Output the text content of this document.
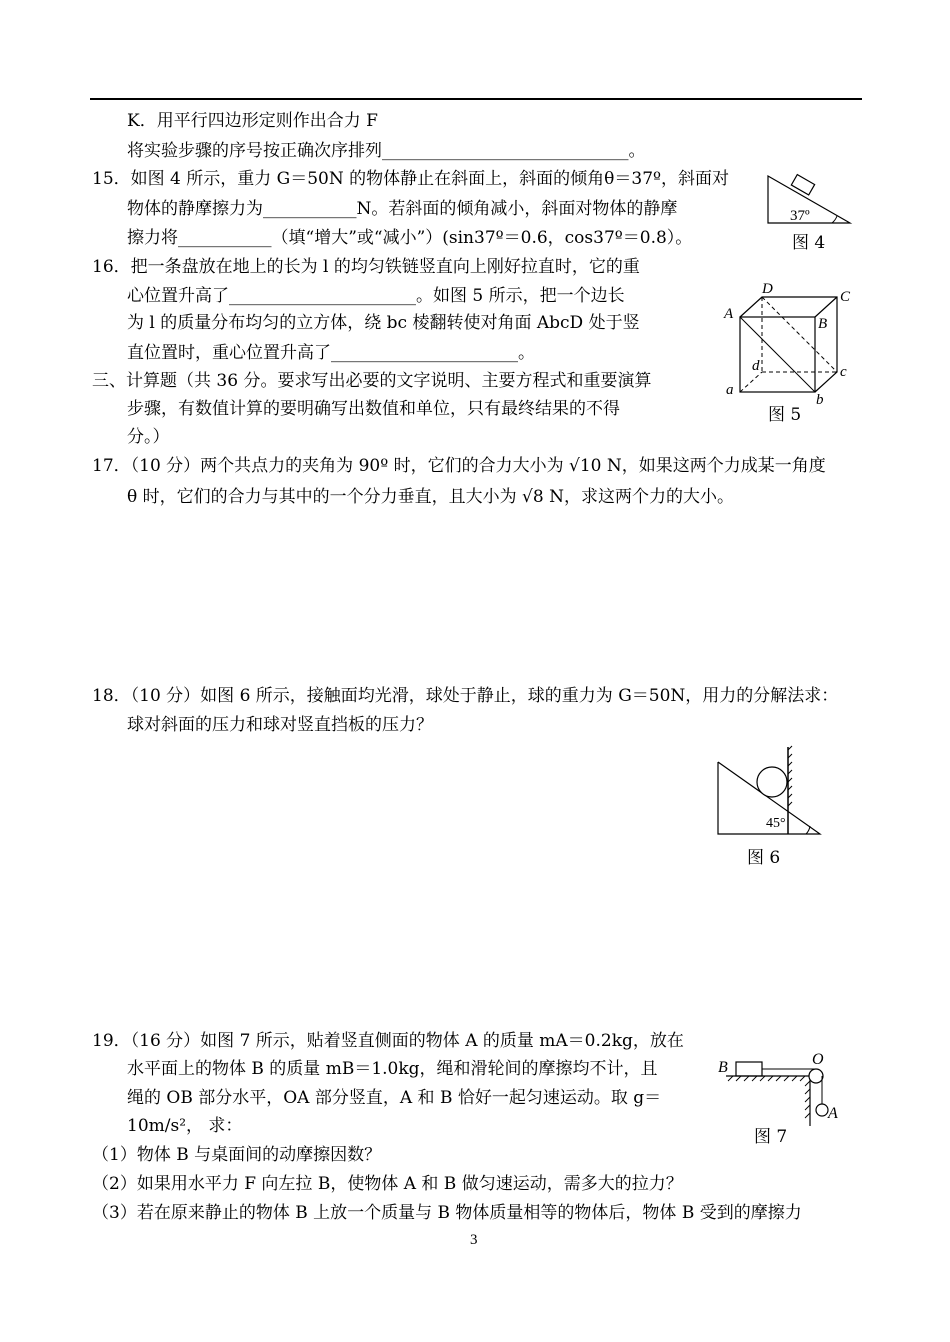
K．用平行四边形定则作出合力 F
将实验步骤的序号按正确次序排列_____________________________。
15．如图 4 所示，重力 G＝50N 的物体静止在斜面上，斜面的倾角θ＝37º，斜面对
物体的静摩擦力为___________N。若斜面的倾角减小，斜面对物体的静摩
擦力将___________（填“增大”或“减小”）(sin37º＝0.6，cos37º＝0.8）。
16．把一条盘放在地上的长为 l 的均匀铁链竖直向上刚好拉直时，它的重
心位置升高了______________________。如图 5 所示，把一个边长
为 l 的质量分布均匀的立方体，绕 bc 棱翻转使对角面 AbcD 处于竖
直位置时，重心位置升高了______________________。
三、计算题（共 36 分。要求写出必要的文字说明、主要方程式和重要演算
步骤，有数值计算的要明确写出数值和单位，只有最终结果的不得
分。）
17．（10 分）两个共点力的夹角为 90º 时，它们的合力大小为 √10 N，如果这两个力成某一角度
θ 时，它们的合力与其中的一个分力垂直，且大小为 √8 N，求这两个力的大小。
18．（10 分）如图 6 所示，接触面均光滑，球处于静止，球的重力为 G＝50N，用力的分解法求：
球对斜面的压力和球对竖直挡板的压力？
19．（16 分）如图 7 所示，贴着竖直侧面的物体 A 的质量 mA＝0.2kg，放在
水平面上的物体 B 的质量 mB＝1.0kg，绳和滑轮间的摩擦均不计，且
绳的 OB 部分水平，OA 部分竖直，A 和 B 恰好一起匀速运动。取 g＝
10m/s²， 求：
（1）物体 B 与桌面间的动摩擦因数？
（2）如果用水平力 F 向左拉 B，使物体 A 和 B 做匀速运动，需多大的拉力？
（3）若在原来静止的物体 B 上放一个质量与 B 物体质量相等的物体后，物体 B 受到的摩擦力
37º
图 4
A
B
C
D
a
b
c
d
图 5
45°
图 6
B	O
A
图 7
3
